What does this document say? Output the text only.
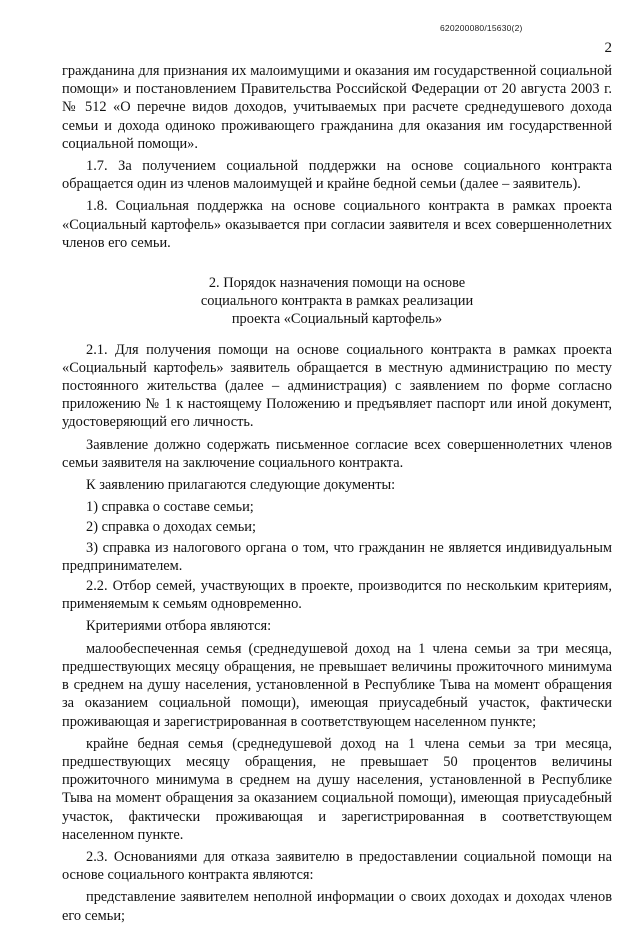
620200080/15630(2)
2

гражданина для признания их малоимущими и оказания им государственной социальной помощи» и постановлением Правительства Российской Федерации от 20 августа 2003 г. № 512 «О перечне видов доходов, учитываемых при расчете среднедушевого дохода семьи и дохода одиноко проживающего гражданина для оказания им государственной социальной помощи».

1.7. За получением социальной поддержки на основе социального контракта обращается один из членов малоимущей и крайне бедной семьи (далее – заявитель).

1.8. Социальная поддержка на основе социального контракта в рамках проекта «Социальный картофель» оказывается при согласии заявителя и всех совершеннолетних членов его семьи.

2. Порядок назначения помощи на основе
социального контракта в рамках реализации
проекта «Социальный картофель»

2.1. Для получения помощи на основе социального контракта в рамках проекта «Социальный картофель» заявитель обращается в местную администрацию по месту постоянного жительства (далее – администрация) с заявлением по форме согласно приложению № 1 к настоящему Положению и предъявляет паспорт или иной документ, удостоверяющий его личность.

Заявление должно содержать письменное согласие всех совершеннолетних членов семьи заявителя на заключение социального контракта.

К заявлению прилагаются следующие документы:

1) справка о составе семьи;

2) справка о доходах семьи;

3) справка из налогового органа о том, что гражданин не является индивидуальным предпринимателем.

2.2. Отбор семей, участвующих в проекте, производится по нескольким критериям, применяемым к семьям одновременно.

Критериями отбора являются:

малообеспеченная семья (среднедушевой доход на 1 члена семьи за три месяца, предшествующих месяцу обращения, не превышает величины прожиточного минимума в среднем на душу населения, установленной в Республике Тыва на момент обращения за оказанием социальной помощи), имеющая приусадебный участок, фактически проживающая и зарегистрированная в соответствующем населенном пункте;

крайне бедная семья (среднедушевой доход на 1 члена семьи за три месяца, предшествующих месяцу обращения, не превышает 50 процентов величины прожиточного минимума в среднем на душу населения, установленной в Республике Тыва на момент обращения за оказанием социальной помощи), имеющая приусадебный участок, фактически проживающая и зарегистрированная в соответствующем населенном пункте.

2.3. Основаниями для отказа заявителю в предоставлении социальной помощи на основе социального контракта являются:

представление заявителем неполной информации о своих доходах и доходах членов его семьи;
